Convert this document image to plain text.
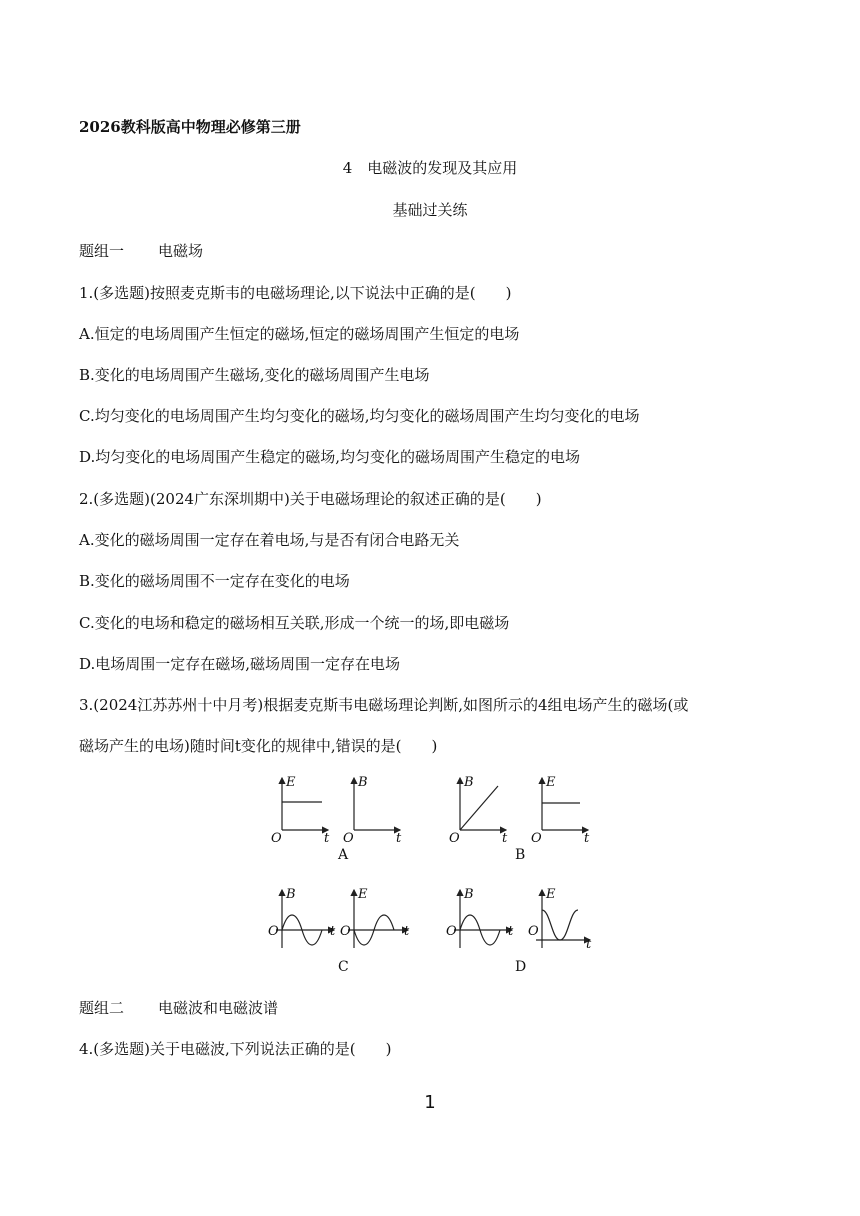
2026教科版高中物理必修第三册
4　电磁波的发现及其应用
基础过关练
题组一 电磁场
1.(多选题)按照麦克斯韦的电磁场理论,以下说法中正确的是(　　)
A.恒定的电场周围产生恒定的磁场,恒定的磁场周围产生恒定的电场
B.变化的电场周围产生磁场,变化的磁场周围产生电场
C.均匀变化的电场周围产生均匀变化的磁场,均匀变化的磁场周围产生均匀变化的电场
D.均匀变化的电场周围产生稳定的磁场,均匀变化的磁场周围产生稳定的电场
2.(多选题)(2024广东深圳期中)关于电磁场理论的叙述正确的是(　　)
A.变化的磁场周围一定存在着电场,与是否有闭合电路无关
B.变化的磁场周围不一定存在变化的电场
C.变化的电场和稳定的磁场相互关联,形成一个统一的场,即电磁场
D.电场周围一定存在磁场,磁场周围一定存在电场
3.(2024江苏苏州十中月考)根据麦克斯韦电磁场理论判断,如图所示的4组电场产生的磁场(或
磁场产生的电场)随时间t变化的规律中,错误的是(　　)
E
O	t
B
O	t
B
O	t
E
O	t
B
O	t
E
O	t
B
O	t
E
O
t
A	B
C	D
题组二 电磁波和电磁波谱
4.(多选题)关于电磁波,下列说法正确的是(　　)
1
